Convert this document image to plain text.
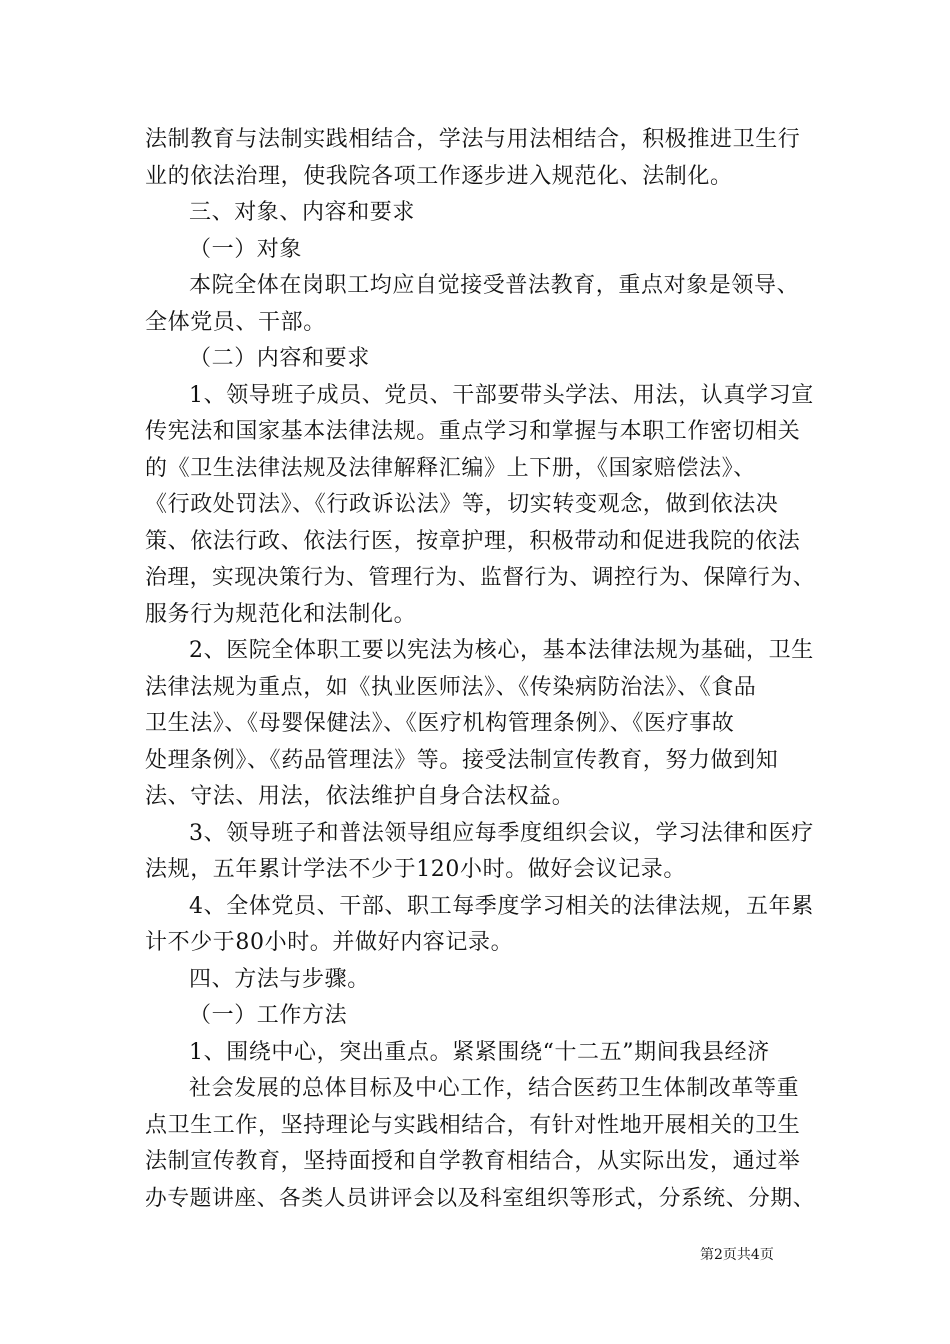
法制教育与法制实践相结合，学法与用法相结合，积极推进卫生行
业的依法治理，使我院各项工作逐步进入规范化、法制化。
三、对象、内容和要求
（一）对象
本院全体在岗职工均应自觉接受普法教育，重点对象是领导、
全体党员、干部。
（二）内容和要求
1、领导班子成员、党员、干部要带头学法、用法，认真学习宣
传宪法和国家基本法律法规。重点学习和掌握与本职工作密切相关
的《卫生法律法规及法律解释汇编》上下册，《国家赔偿法》、
《行政处罚法》、《行政诉讼法》等，切实转变观念，做到依法决
策、依法行政、依法行医，按章护理，积极带动和促进我院的依法
治理，实现决策行为、管理行为、监督行为、调控行为、保障行为、
服务行为规范化和法制化。
2、医院全体职工要以宪法为核心，基本法律法规为基础，卫生
法律法规为重点，如《执业医师法》、《传染病防治法》、《食品
卫生法》、《母婴保健法》、《医疗机构管理条例》、《医疗事故
处理条例》、《药品管理法》等。接受法制宣传教育，努力做到知
法、守法、用法，依法维护自身合法权益。
3、领导班子和普法领导组应每季度组织会议，学习法律和医疗
法规，五年累计学法不少于120小时。做好会议记录。
4、全体党员、干部、职工每季度学习相关的法律法规，五年累
计不少于80小时。并做好内容记录。
四、方法与步骤。
（一）工作方法
1、围绕中心，突出重点。紧紧围绕“十二五”期间我县经济
社会发展的总体目标及中心工作，结合医药卫生体制改革等重
点卫生工作，坚持理论与实践相结合，有针对性地开展相关的卫生
法制宣传教育，坚持面授和自学教育相结合，从实际出发，通过举
办专题讲座、各类人员讲评会以及科室组织等形式，分系统、分期、
第2页共4页
